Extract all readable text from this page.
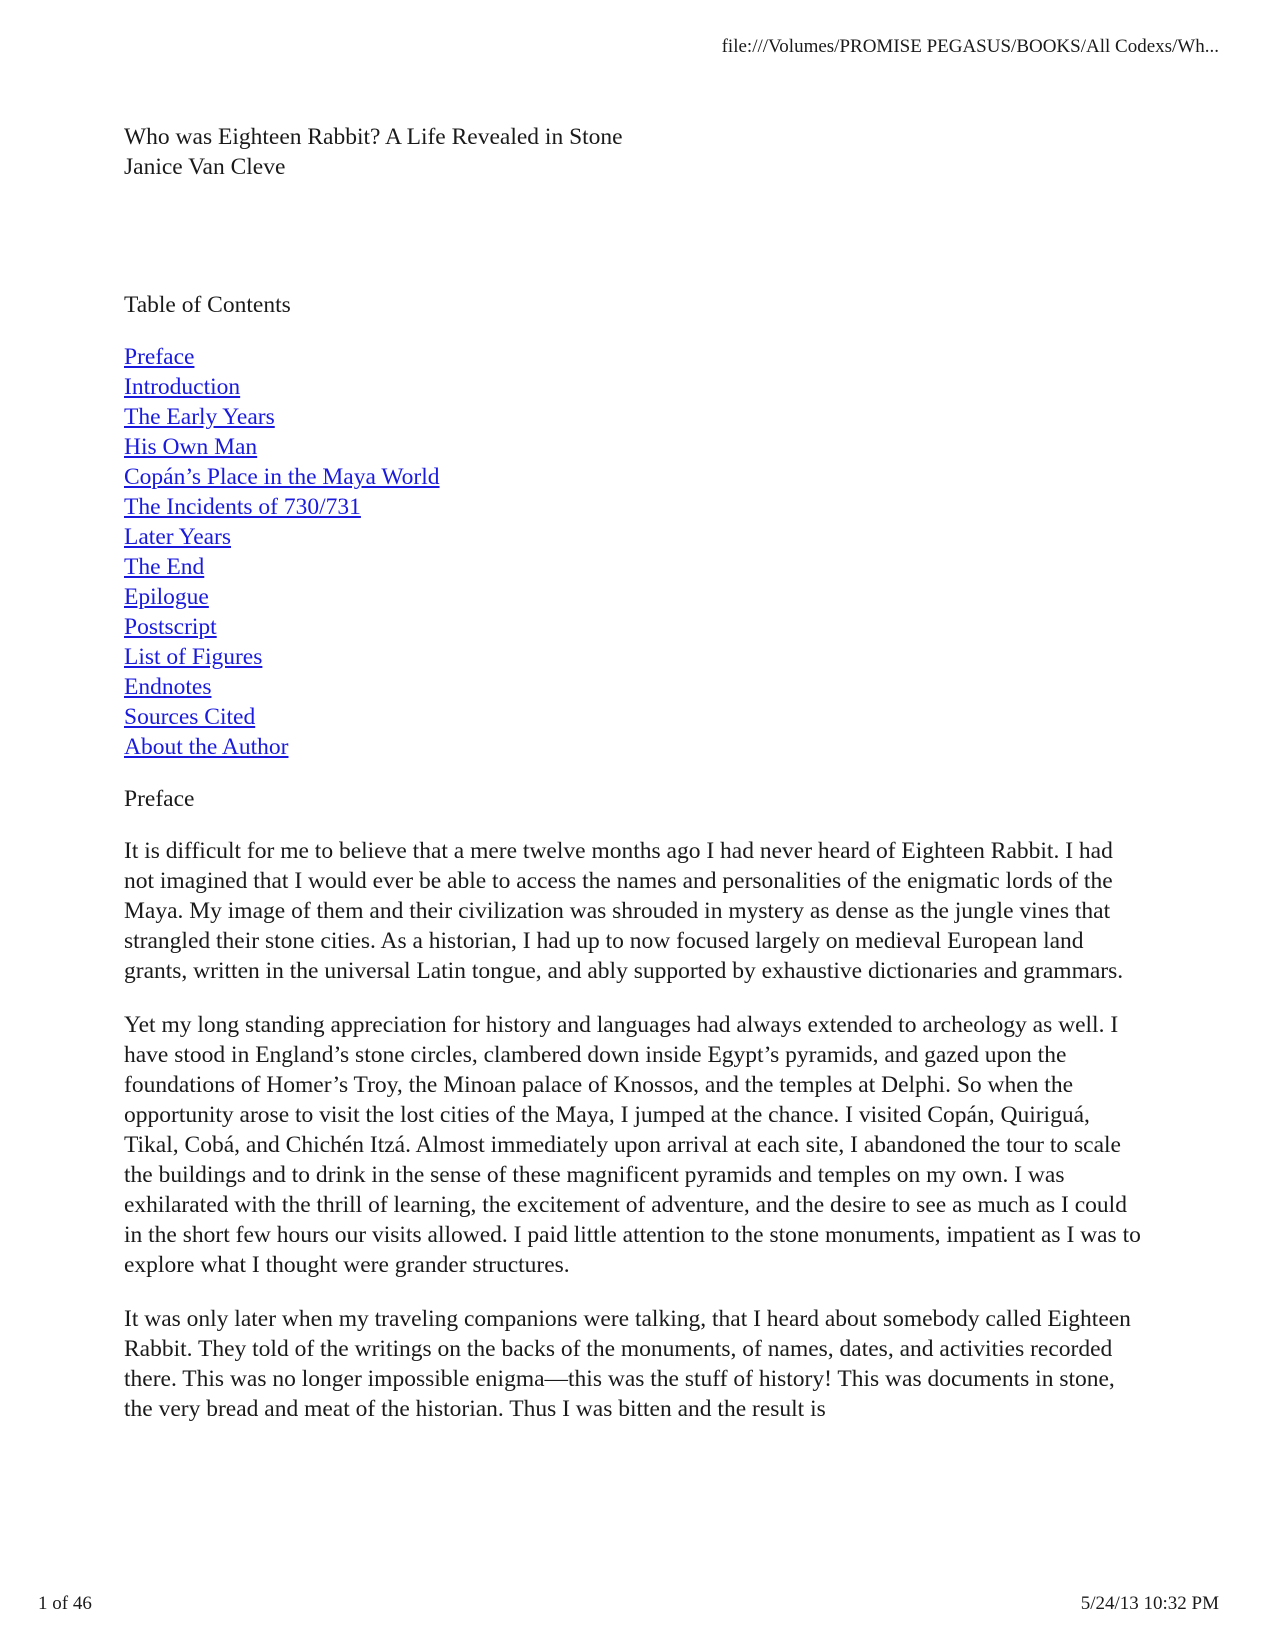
file:///Volumes/PROMISE PEGASUS/BOOKS/All Codexs/Wh...
Who was Eighteen Rabbit? A Life Revealed in Stone
Janice Van Cleve
Table of Contents
Preface
Introduction
The Early Years
His Own Man
Copán’s Place in the Maya World
The Incidents of 730/731
Later Years
The End
Epilogue
Postscript
List of Figures
Endnotes
Sources Cited
About the Author
Preface

It is difficult for me to believe that a mere twelve months ago I had never heard of Eighteen Rabbit. I had not imagined that I would ever be able to access the names and personalities of the enigmatic lords of the Maya. My image of them and their civilization was shrouded in mystery as dense as the jungle vines that strangled their stone cities. As a historian, I had up to now focused largely on medieval European land grants, written in the universal Latin tongue, and ably supported by exhaustive dictionaries and grammars.

Yet my long standing appreciation for history and languages had always extended to archeology as well. I have stood in England’s stone circles, clambered down inside Egypt’s pyramids, and gazed upon the foundations of Homer’s Troy, the Minoan palace of Knossos, and the temples at Delphi. So when the opportunity arose to visit the lost cities of the Maya, I jumped at the chance. I visited Copán, Quiriguá, Tikal, Cobá, and Chichén Itzá. Almost immediately upon arrival at each site, I abandoned the tour to scale the buildings and to drink in the sense of these magnificent pyramids and temples on my own. I was exhilarated with the thrill of learning, the excitement of adventure, and the desire to see as much as I could in the short few hours our visits allowed. I paid little attention to the stone monuments, impatient as I was to explore what I thought were grander structures.

It was only later when my traveling companions were talking, that I heard about somebody called Eighteen Rabbit. They told of the writings on the backs of the monuments, of names, dates, and activities recorded there. This was no longer impossible enigma—this was the stuff of history! This was documents in stone, the very bread and meat of the historian. Thus I was bitten and the result is

1 of 46	5/24/13 10:32 PM
